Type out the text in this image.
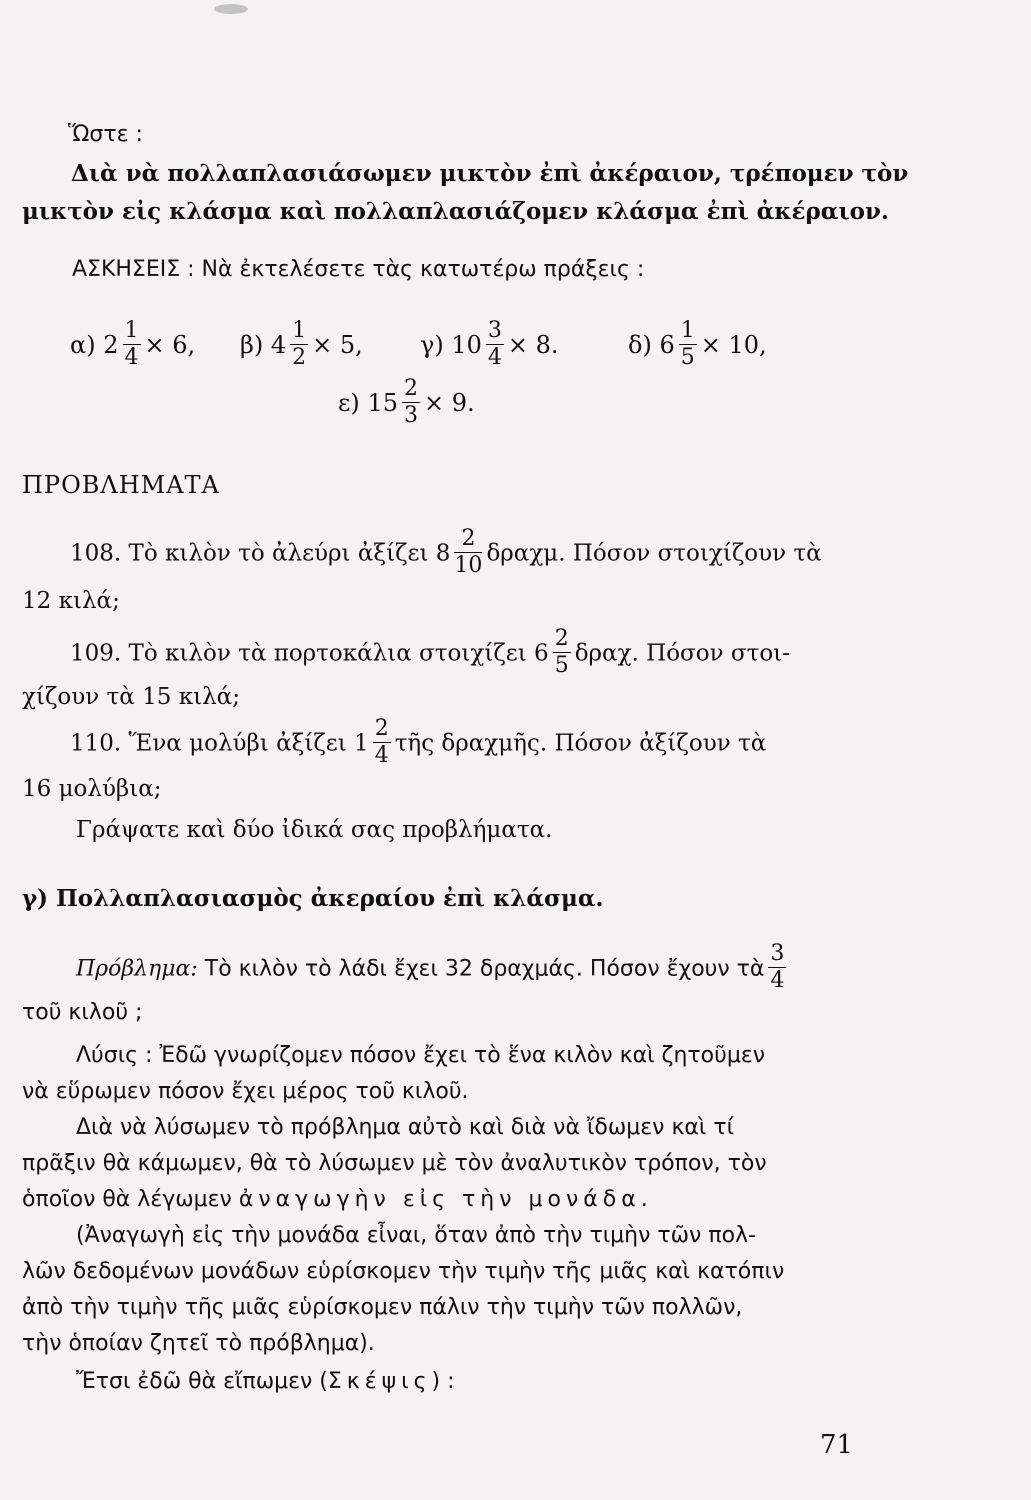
Ὥστε :
Διὰ νὰ πολλαπλασιάσωμεν μικτὸν ἐπὶ ἀκέραιον, τρέπομεν τὸν
μικτὸν εἰς κλάσμα καὶ πολλαπλασιάζομεν κλάσμα ἐπὶ ἀκέραιον.
ΑΣΚΗΣΕΙΣ : Νὰ ἐκτελέσετε τὰς κατωτέρω πράξεις :
α) $2 \frac{1}{4} \times 6$, β) $4 \frac{1}{2} \times 5$, γ) $10 \frac{3}{4} \times 8$.	δ) $6 \frac{1}{5} \times 10$,
ε) $15 \frac{2}{3} \times 9$.
ΠΡΟΒΛΗΜΑΤΑ
108. Τὸ κιλὸν τὸ ἀλεύρι ἀξίζει $8 \frac{2}{10} \delta\rho\alpha\chi\mu$. Πόσον στοιχίζουν τὰ
12 κιλά;
109. Τὸ κιλὸν τὰ πορτοκάλια στοιχίζει $6 \frac{2}{5} \delta\rho\alpha\chi$. Πόσον στοι-
χίζουν τὰ 15 κιλά;
110. Ἕνα μολύβι ἀξίζει $1 \frac{2}{4}$ τῆς δραχμῆς. Πόσον ἀξίζουν τὰ
16 μολύβια;
Γράψατε καὶ δύο ἰδικά σας προβλήματα.
γ) Πολλαπλασιασμὸς ἀκεραίου ἐπὶ κλάσμα.
Πρόβλημα: Τὸ κιλὸν τὸ λάδι ἔχει 32 δραχμάς. Πόσον ἔχουν τὰ $\frac{3}{4}$
τοῦ κιλοῦ ;
Λύσις : Ἐδῶ γνωρίζομεν πόσον ἔχει τὸ ἕνα κιλὸν καὶ ζητοῦμεν
νὰ εὕρωμεν πόσον ἔχει μέρος τοῦ κιλοῦ.
Διὰ νὰ λύσωμεν τὸ πρόβλημα αὐτὸ καὶ διὰ νὰ ἴδωμεν καὶ τί
πρᾶξιν θὰ κάμωμεν, θὰ τὸ λύσωμεν μὲ τὸν ἀναλυτικὸν τρόπον, τὸν
ὁποῖον θὰ λέγωμεν ἀναγωγὴν εἰς τὴν μονάδα.
(Ἀναγωγὴ εἰς τὴν μονάδα εἶναι, ὅταν ἀπὸ τὴν τιμὴν τῶν πολ-
λῶν δεδομένων μονάδων εὑρίσκομεν τὴν τιμὴν τῆς μιᾶς καὶ κατόπιν
ἀπὸ τὴν τιμὴν τῆς μιᾶς εὑρίσκομεν πάλιν τὴν τιμὴν τῶν πολλῶν,
τὴν ὁποίαν ζητεῖ τὸ πρόβλημα).
Ἔτσι ἐδῶ θὰ εἴπωμεν (Σκέψις) :
71
